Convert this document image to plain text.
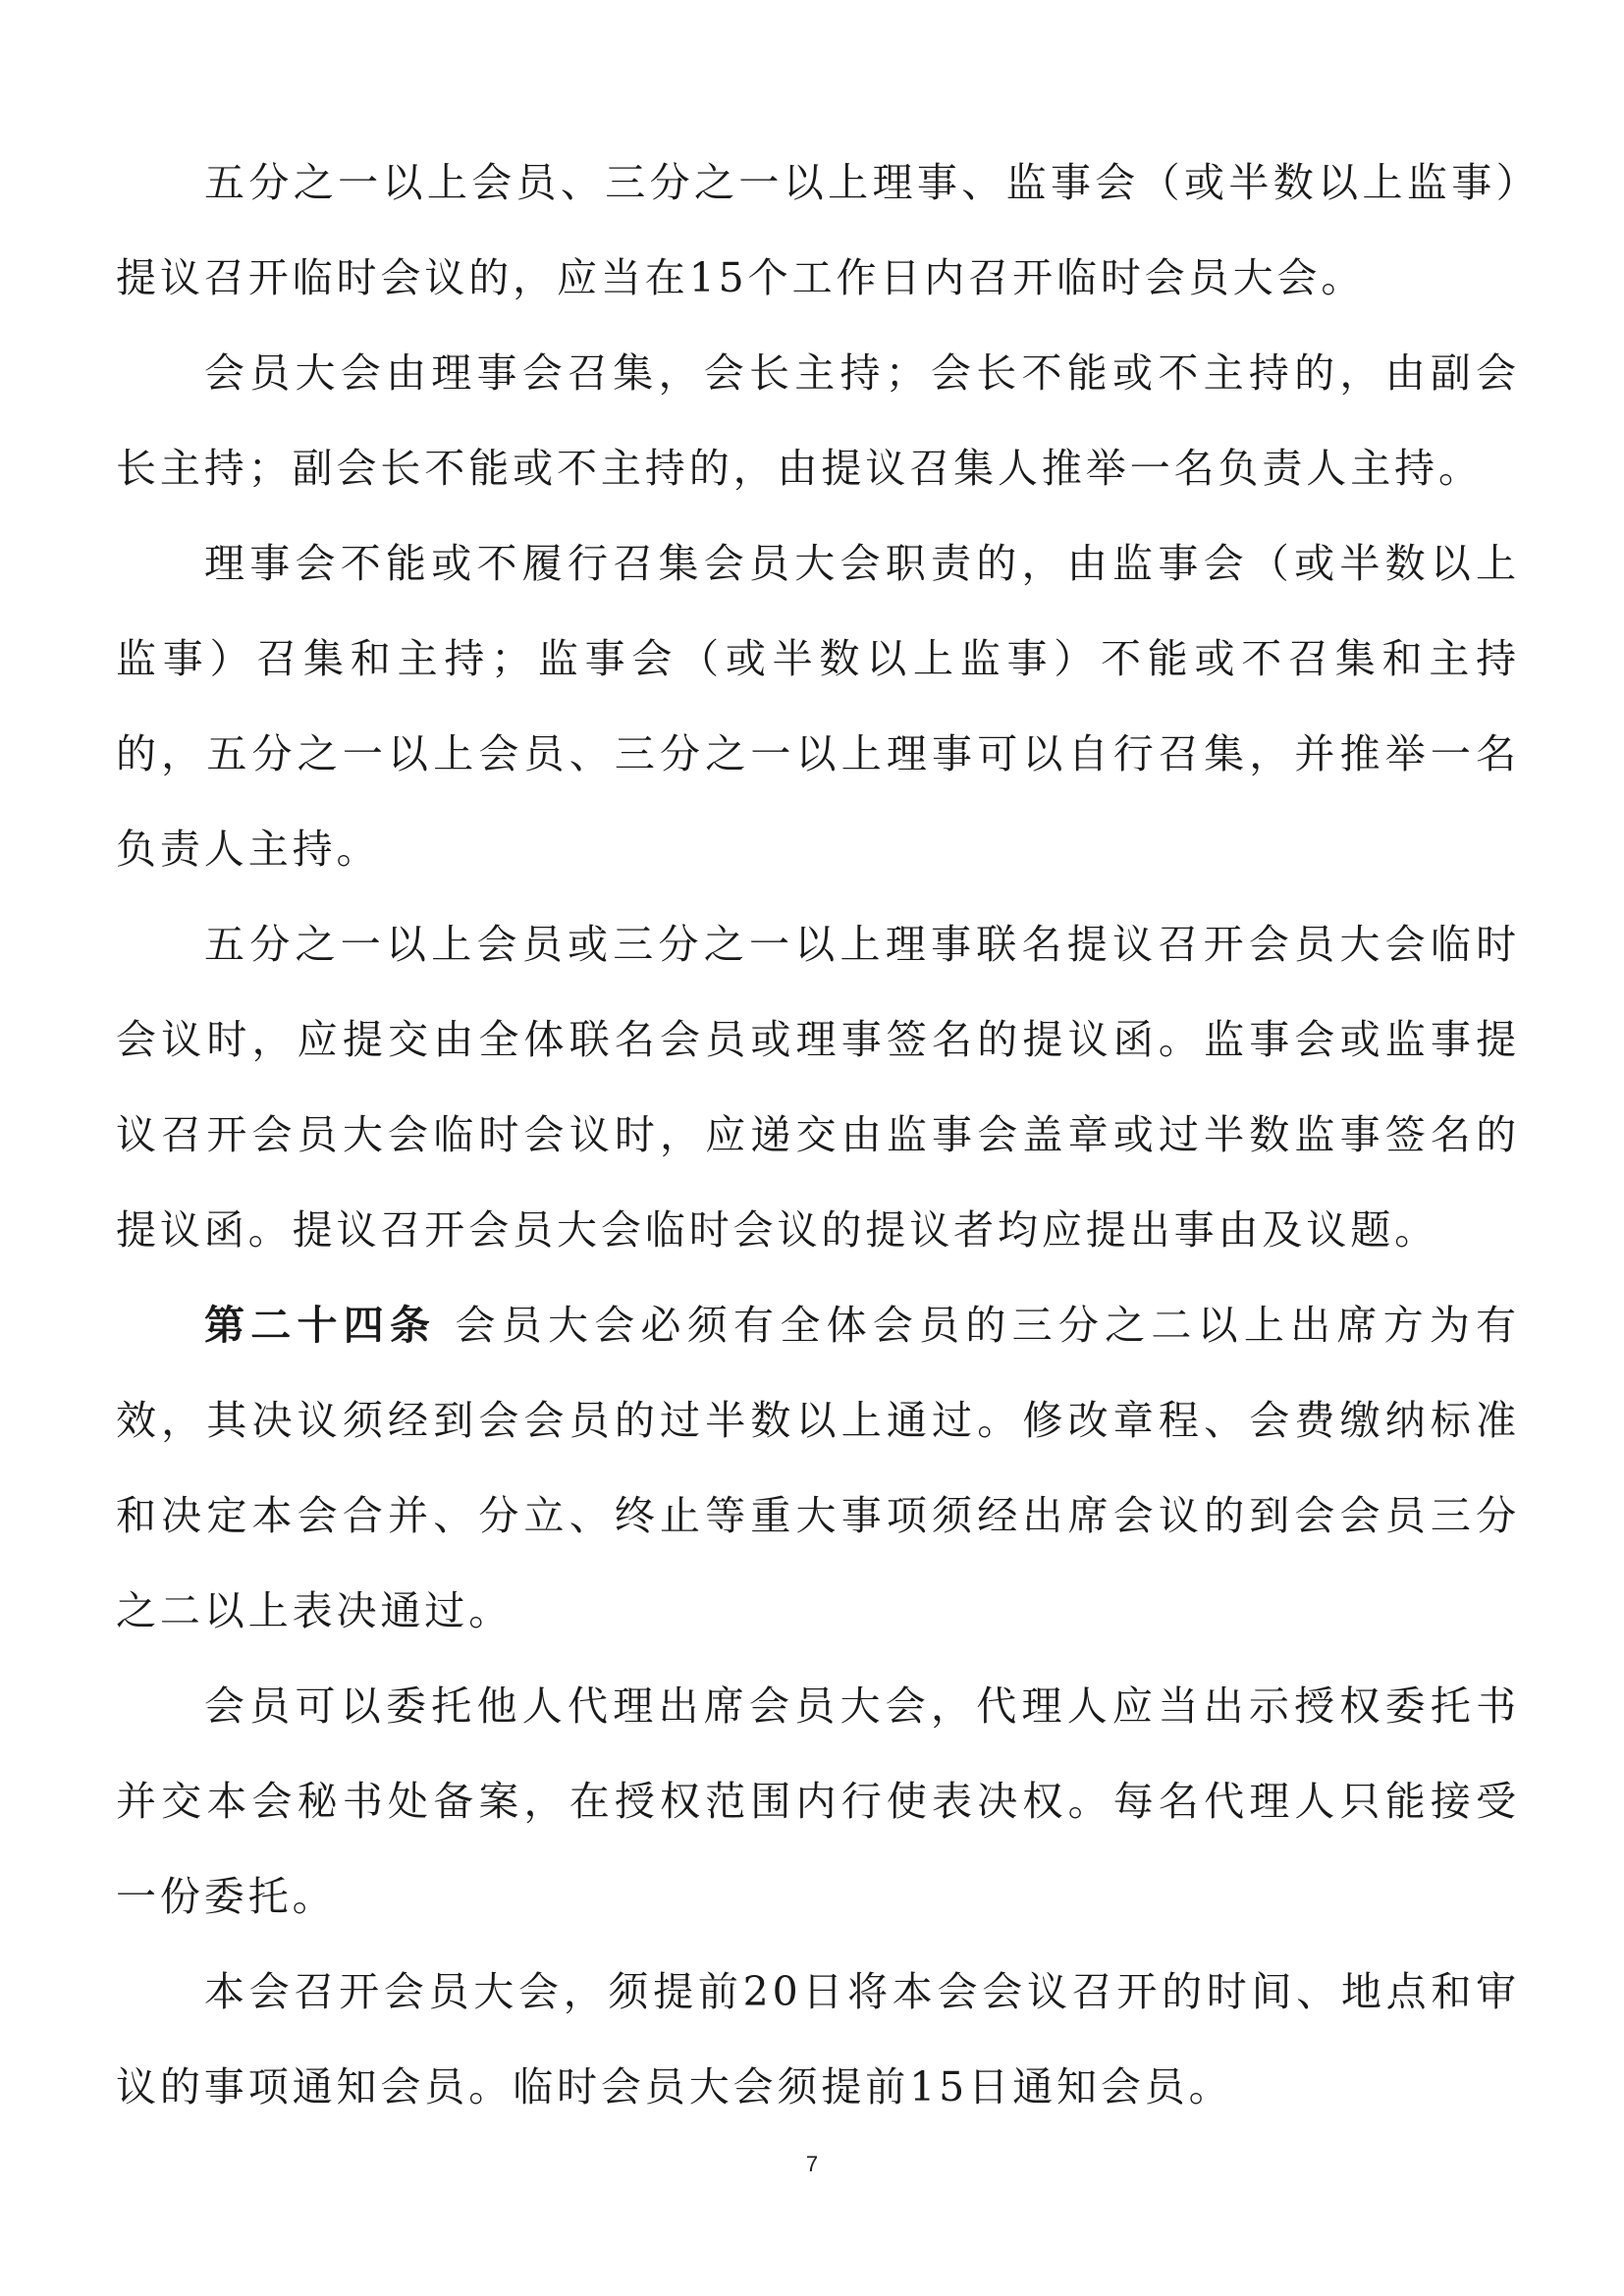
五分之一以上会员、三分之一以上理事、监事会（或半数以上监事）提议召开临时会议的，应当在15个工作日内召开临时会员大会。

会员大会由理事会召集，会长主持；会长不能或不主持的，由副会长主持；副会长不能或不主持的，由提议召集人推举一名负责人主持。

理事会不能或不履行召集会员大会职责的，由监事会（或半数以上监事）召集和主持；监事会（或半数以上监事）不能或不召集和主持的，五分之一以上会员、三分之一以上理事可以自行召集，并推举一名负责人主持。

五分之一以上会员或三分之一以上理事联名提议召开会员大会临时会议时，应提交由全体联名会员或理事签名的提议函。监事会或监事提议召开会员大会临时会议时，应递交由监事会盖章或过半数监事签名的提议函。提议召开会员大会临时会议的提议者均应提出事由及议题。

第二十四条 会员大会必须有全体会员的三分之二以上出席方为有效，其决议须经到会会员的过半数以上通过。修改章程、会费缴纳标准和决定本会合并、分立、终止等重大事项须经出席会议的到会会员三分之二以上表决通过。

会员可以委托他人代理出席会员大会，代理人应当出示授权委托书并交本会秘书处备案，在授权范围内行使表决权。每名代理人只能接受一份委托。

本会召开会员大会，须提前20日将本会会议召开的时间、地点和审议的事项通知会员。临时会员大会须提前15日通知会员。

7
